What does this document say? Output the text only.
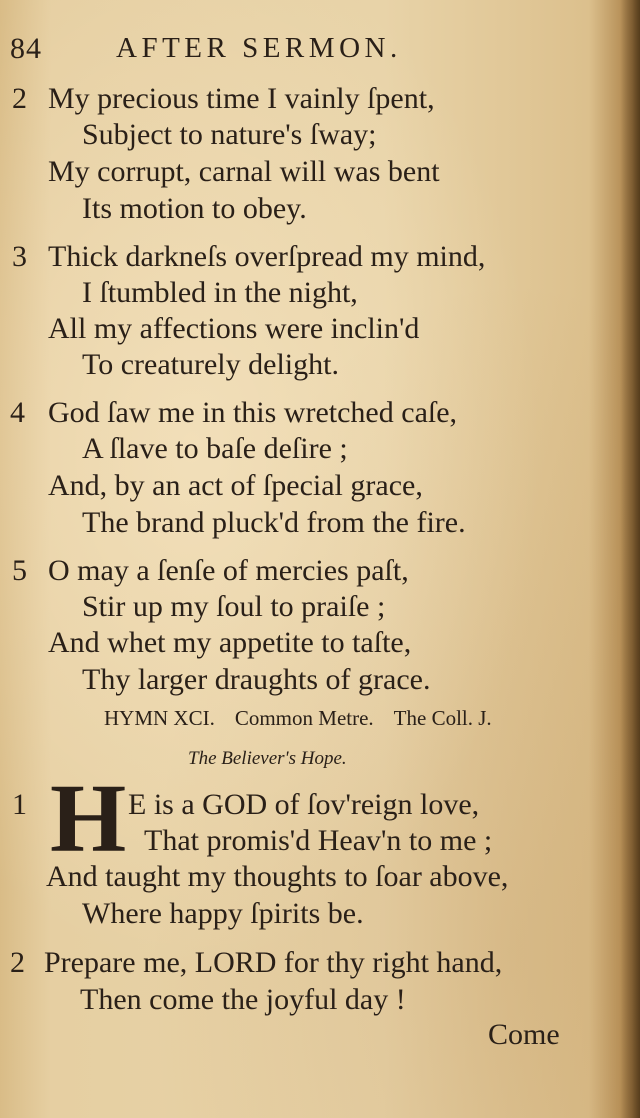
84	AFTER SERMON.
2 My precious time I vainly ſpent,
Subject to nature's ſway;
My corrupt, carnal will was bent
Its motion to obey.
3 Thick darkneſs overſpread my mind,
I ſtumbled in the night,
All my affections were inclin'd
To creaturely delight.
4 God ſaw me in this wretched caſe,
A ſlave to baſe deſire ;
And, by an act of ſpecial grace,
The brand pluck'd from the fire.
5 O may a ſenſe of mercies paſt,
Stir up my ſoul to praiſe ;
And whet my appetite to taſte,
Thy larger draughts of grace.
HYMN XCI. Common Metre. The Coll. J.
The Believer's Hope.
1 H E is a GOD of ſov'reign love,
That promis'd Heav'n to me ;
And taught my thoughts to ſoar above,
Where happy ſpirits be.
2 Prepare me, LORD for thy right hand,
Then come the joyful day !
Come
